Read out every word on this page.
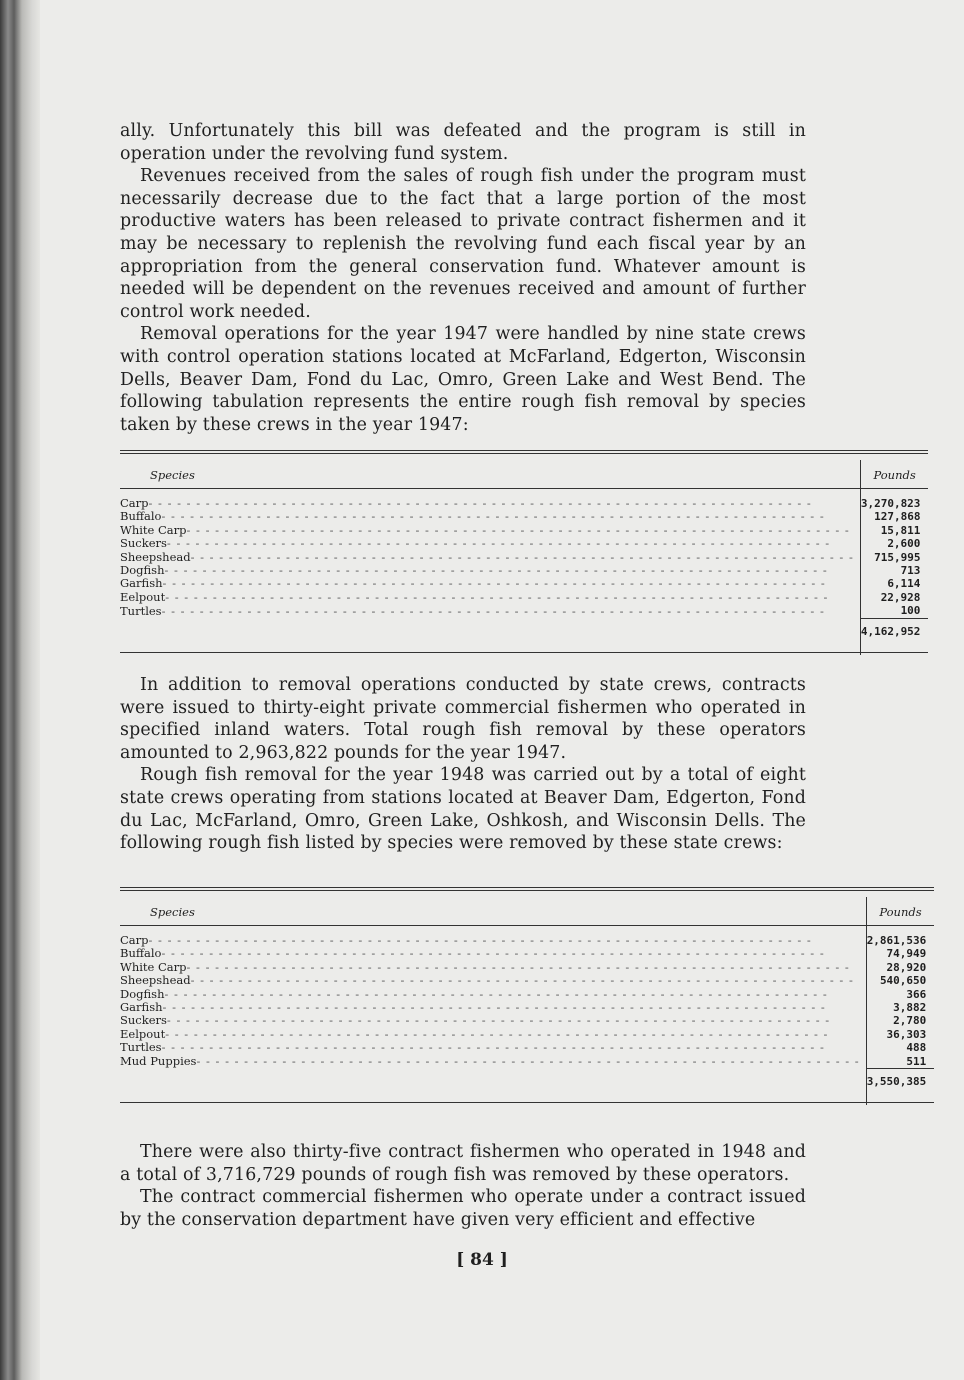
ally. Unfortunately this bill was defeated and the program is still in operation under the revolving fund system.

Revenues received from the sales of rough fish under the program must necessarily decrease due to the fact that a large portion of the most productive waters has been released to private contract fishermen and it may be necessary to replenish the revolving fund each fiscal year by an appropriation from the general conservation fund. Whatever amount is needed will be dependent on the revenues received and amount of further control work needed.

Removal operations for the year 1947 were handled by nine state crews with control operation stations located at McFarland, Edgerton, Wisconsin Dells, Beaver Dam, Fond du Lac, Omro, Green Lake and West Bend. The following tabulation represents the entire rough fish removal by species taken by these crews in the year 1947:

Species	Pounds

Carp- - - - - - - - - - - - - - - - - - - - - - - - - - - - - - - - - - - - - - - - - - - - - - - - - - - - - - - - - - - - - - - - - - - - - -	3,270,823
Buffalo- - - - - - - - - - - - - - - - - - - - - - - - - - - - - - - - - - - - - - - - - - - - - - - - - - - - - - - - - - - - - - - - - - - - - -	127,868
White Carp- - - - - - - - - - - - - - - - - - - - - - - - - - - - - - - - - - - - - - - - - - - - - - - - - - - - - - - - - - - - - - - - - - - - - -	15,811
Suckers- - - - - - - - - - - - - - - - - - - - - - - - - - - - - - - - - - - - - - - - - - - - - - - - - - - - - - - - - - - - - - - - - - - - - -	2,600
Sheepshead- - - - - - - - - - - - - - - - - - - - - - - - - - - - - - - - - - - - - - - - - - - - - - - - - - - - - - - - - - - - - - - - - - - - - -	715,995
Dogfish- - - - - - - - - - - - - - - - - - - - - - - - - - - - - - - - - - - - - - - - - - - - - - - - - - - - - - - - - - - - - - - - - - - - - -	713
Garfish- - - - - - - - - - - - - - - - - - - - - - - - - - - - - - - - - - - - - - - - - - - - - - - - - - - - - - - - - - - - - - - - - - - - - -	6,114
Eelpout- - - - - - - - - - - - - - - - - - - - - - - - - - - - - - - - - - - - - - - - - - - - - - - - - - - - - - - - - - - - - - - - - - - - - -	22,928
Turtles- - - - - - - - - - - - - - - - - - - - - - - - - - - - - - - - - - - - - - - - - - - - - - - - - - - - - - - - - - - - - - - - - - - - - -	100
	4,162,952

In addition to removal operations conducted by state crews, contracts were issued to thirty-eight private commercial fishermen who operated in specified inland waters. Total rough fish removal by these operators amounted to 2,963,822 pounds for the year 1947.

Rough fish removal for the year 1948 was carried out by a total of eight state crews operating from stations located at Beaver Dam, Edgerton, Fond du Lac, McFarland, Omro, Green Lake, Oshkosh, and Wisconsin Dells. The following rough fish listed by species were removed by these state crews:

Species	Pounds

Carp- - - - - - - - - - - - - - - - - - - - - - - - - - - - - - - - - - - - - - - - - - - - - - - - - - - - - - - - - - - - - - - - - - - - - -	2,861,536
Buffalo- - - - - - - - - - - - - - - - - - - - - - - - - - - - - - - - - - - - - - - - - - - - - - - - - - - - - - - - - - - - - - - - - - - - - -	74,949
White Carp- - - - - - - - - - - - - - - - - - - - - - - - - - - - - - - - - - - - - - - - - - - - - - - - - - - - - - - - - - - - - - - - - - - - - -	28,920
Sheepshead- - - - - - - - - - - - - - - - - - - - - - - - - - - - - - - - - - - - - - - - - - - - - - - - - - - - - - - - - - - - - - - - - - - - - -	540,650
Dogfish- - - - - - - - - - - - - - - - - - - - - - - - - - - - - - - - - - - - - - - - - - - - - - - - - - - - - - - - - - - - - - - - - - - - - -	366
Garfish- - - - - - - - - - - - - - - - - - - - - - - - - - - - - - - - - - - - - - - - - - - - - - - - - - - - - - - - - - - - - - - - - - - - - -	3,882
Suckers- - - - - - - - - - - - - - - - - - - - - - - - - - - - - - - - - - - - - - - - - - - - - - - - - - - - - - - - - - - - - - - - - - - - - -	2,780
Eelpout- - - - - - - - - - - - - - - - - - - - - - - - - - - - - - - - - - - - - - - - - - - - - - - - - - - - - - - - - - - - - - - - - - - - - -	36,303
Turtles- - - - - - - - - - - - - - - - - - - - - - - - - - - - - - - - - - - - - - - - - - - - - - - - - - - - - - - - - - - - - - - - - - - - - -	488
Mud Puppies- - - - - - - - - - - - - - - - - - - - - - - - - - - - - - - - - - - - - - - - - - - - - - - - - - - - - - - - - - - - - - - - - - - - - -	511
	3,550,385

There were also thirty-five contract fishermen who operated in 1948 and a total of 3,716,729 pounds of rough fish was removed by these operators.

The contract commercial fishermen who operate under a contract issued by the conservation department have given very efficient and effective

[ 84 ]
